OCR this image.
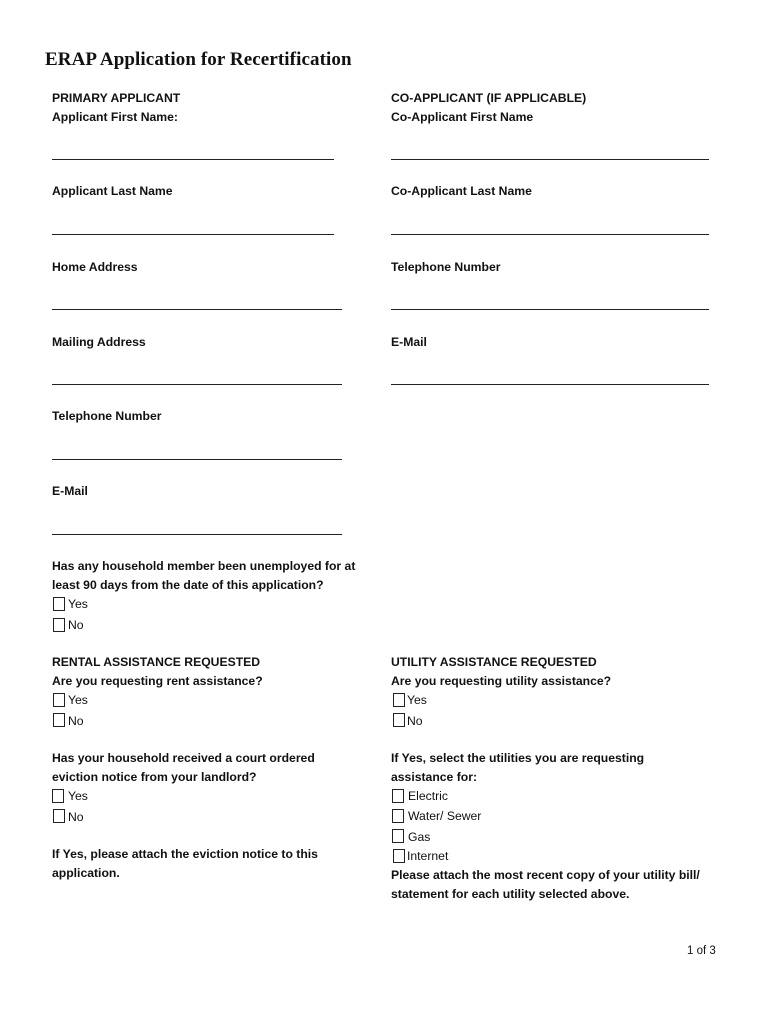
ERAP Application for Recertification
PRIMARY APPLICANT
Applicant First Name:
Applicant Last Name
Home Address
Mailing Address
Telephone Number
E-Mail
CO-APPLICANT (IF APPLICABLE)
Co-Applicant First Name
Co-Applicant Last Name
Telephone Number
E-Mail
Has any household member been unemployed for at
least 90 days from the date of this application?
Yes
No
RENTAL ASSISTANCE REQUESTED
Are you requesting rent assistance?
Yes
No
Has your household received a court ordered
eviction notice from your landlord?
Yes
No
If Yes, please attach the eviction notice to this
application.
UTILITY ASSISTANCE REQUESTED
Are you requesting utility assistance?
Yes
No
If Yes, select the utilities you are requesting
assistance for:
Electric
Water/ Sewer
Gas
Internet
Please attach the most recent copy of your utility bill/
statement for each utility selected above.
1 of 3
